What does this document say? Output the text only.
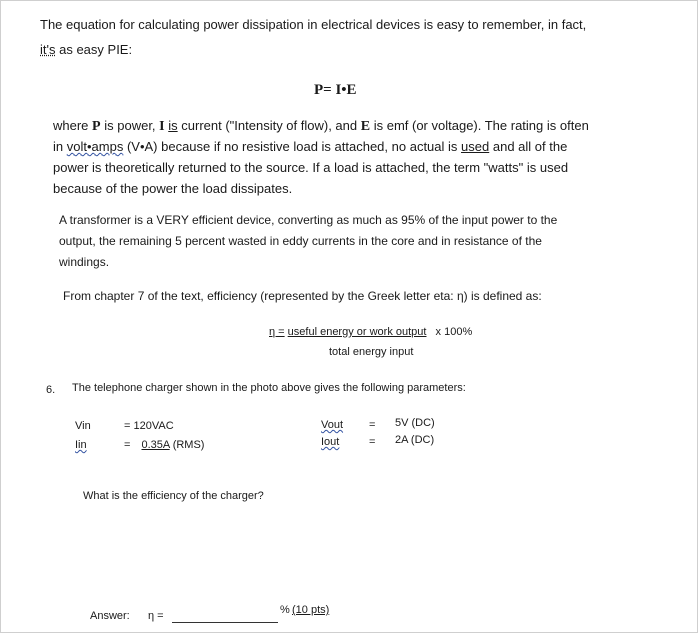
The equation for calculating power dissipation in electrical devices is easy to remember, in fact,
it's as easy PIE:
P= I•E
where P is power, I is current ("Intensity of flow), and E is emf (or voltage). The rating is often
in volt•amps (V•A) because if no resistive load is attached, no actual is used and all of the
power is theoretically returned to the source. If a load is attached, the term "watts" is used
because of the power the load dissipates.
A transformer is a VERY efficient device, converting as much as 95% of the input power to the
output, the remaining 5 percent wasted in eddy currents in the core and in resistance of the
windings.
From chapter 7 of the text, efficiency (represented by the Greek letter eta: η) is defined as:
η = useful energy or work output x 100%
total energy input
6. The telephone charger shown in the photo above gives the following parameters:
Vin	= 120VAC
Iin	= 0.35A (RMS)
Vout = 5V (DC)
Iout	= 2A (DC)
What is the efficiency of the charger?
Answer: η =	% (10 pts)
